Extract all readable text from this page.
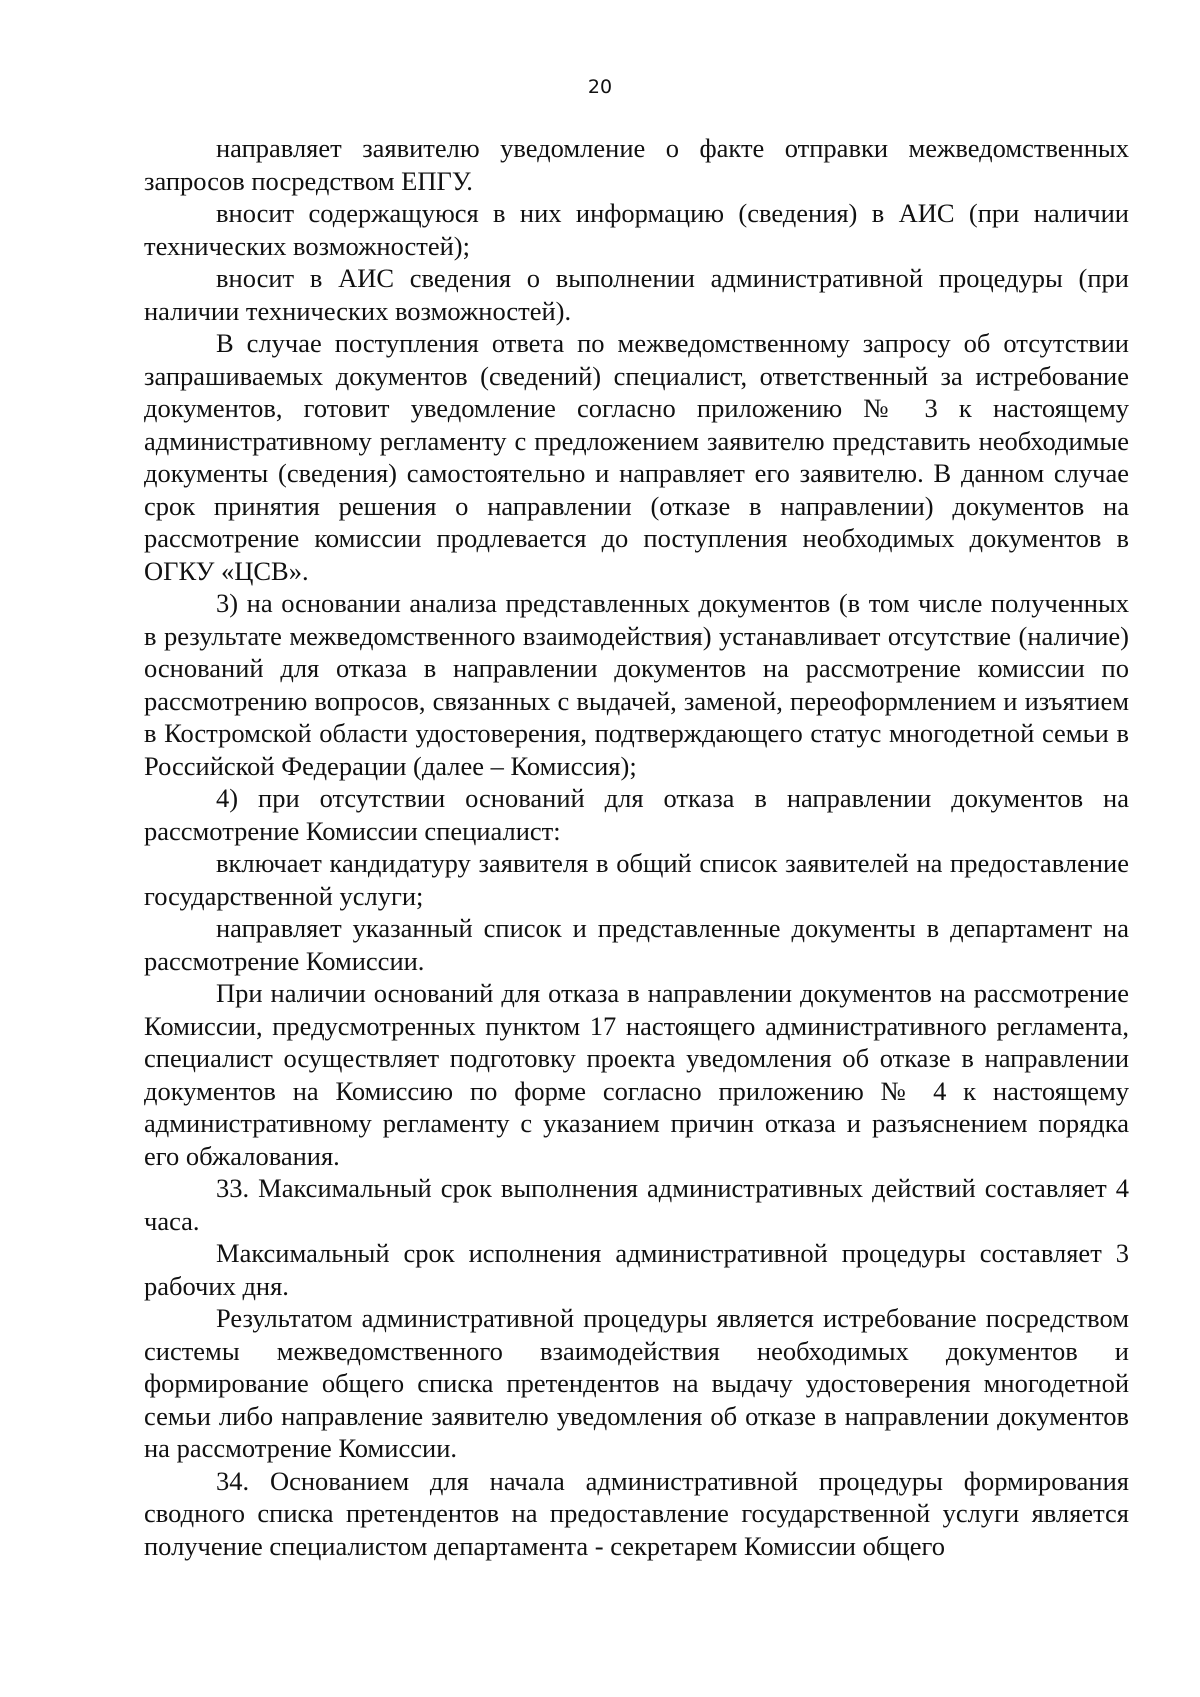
20

направляет заявителю уведомление о факте отправки межведомственных запросов посредством ЕПГУ.

вносит содержащуюся в них информацию (сведения) в АИС (при наличии технических возможностей);

вносит в АИС сведения о выполнении административной процедуры (при наличии технических возможностей).

В случае поступления ответа по межведомственному запросу об отсутствии запрашиваемых документов (сведений) специалист, ответственный за истребование документов, готовит уведомление согласно приложению № 3 к настоящему административному регламенту с предложением заявителю представить необходимые документы (сведения) самостоятельно и направляет его заявителю. В данном случае срок принятия решения о направлении (отказе в направлении) документов на рассмотрение комиссии продлевается до поступления необходимых документов в ОГКУ «ЦСВ».

3) на основании анализа представленных документов (в том числе полученных в результате межведомственного взаимодействия) устанавливает отсутствие (наличие) оснований для отказа в направлении документов на рассмотрение комиссии по рассмотрению вопросов, связанных с выдачей, заменой, переоформлением и изъятием в Костромской области удостоверения, подтверждающего статус многодетной семьи в Российской Федерации (далее – Комиссия);

4) при отсутствии оснований для отказа в направлении документов на рассмотрение Комиссии специалист:

включает кандидатуру заявителя в общий список заявителей на предоставление государственной услуги;

направляет указанный список и представленные документы в департамент на рассмотрение Комиссии.

При наличии оснований для отказа в направлении документов на рассмотрение Комиссии, предусмотренных пунктом 17 настоящего административного регламента, специалист осуществляет подготовку проекта уведомления об отказе в направлении документов на Комиссию по форме согласно приложению № 4 к настоящему административному регламенту с указанием причин отказа и разъяснением порядка его обжалования.

33. Максимальный срок выполнения административных действий составляет 4 часа.

Максимальный срок исполнения административной процедуры составляет 3 рабочих дня.

Результатом административной процедуры является истребование посредством системы межведомственного взаимодействия необходимых документов и формирование общего списка претендентов на выдачу удостоверения многодетной семьи либо направление заявителю уведомления об отказе в направлении документов на рассмотрение Комиссии.

34. Основанием для начала административной процедуры формирования сводного списка претендентов на предоставление государственной услуги является получение специалистом департамента - секретарем Комиссии общего
